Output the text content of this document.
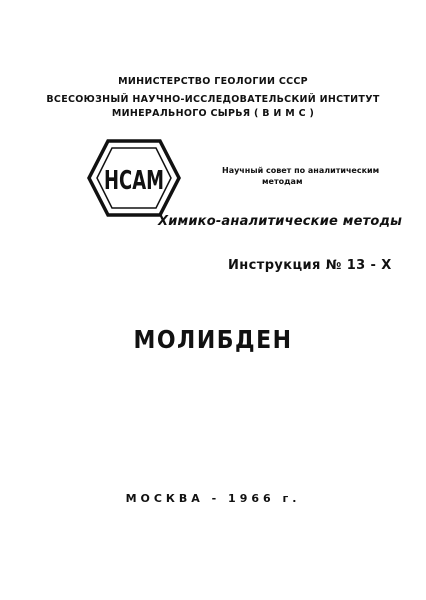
МИНИСТЕРСТВО ГЕОЛОГИИ СССР
ВСЕСОЮЗНЫЙ НАУЧНО-ИССЛЕДОВАТЕЛЬСКИЙ ИНСТИТУТ
МИНЕРАЛЬНОГО СЫРЬЯ ( В И М С )
НСАМ	Научный совет по аналитическим
методам
Химико-аналитические методы
Инструкция № 13 - Х
МОЛИБДЕН
МОСКВА - 1966 г.
